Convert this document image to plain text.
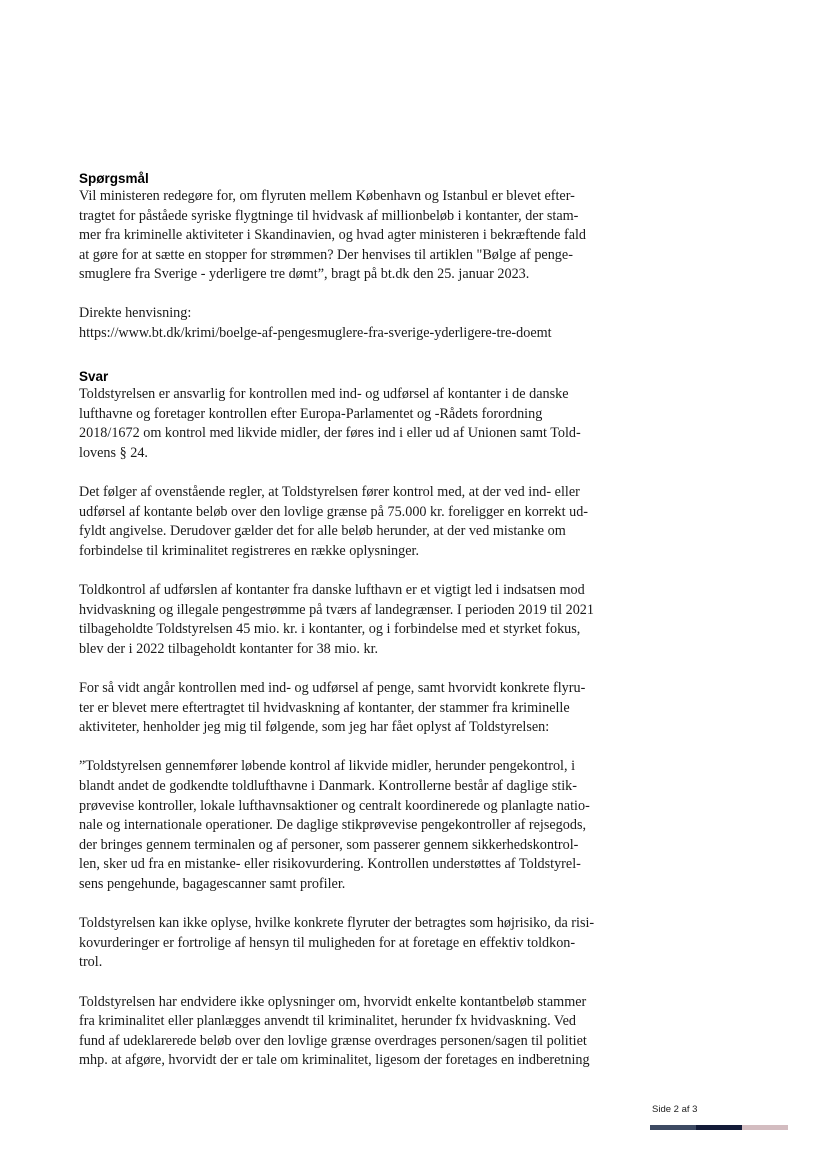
Spørgsmål

Vil ministeren redegøre for, om flyruten mellem København og Istanbul er blevet efter-
tragtet for påståede syriske flygtninge til hvidvask af millionbeløb i kontanter, der stam-
mer fra kriminelle aktiviteter i Skandinavien, og hvad agter ministeren i bekræftende fald
at gøre for at sætte en stopper for strømmen? Der henvises til artiklen "Bølge af penge-
smuglere fra Sverige - yderligere tre dømt”, bragt på bt.dk den 25. januar 2023.

Direkte henvisning:
https://www.bt.dk/krimi/boelge-af-pengesmuglere-fra-sverige-yderligere-tre-doemt

Svar

Toldstyrelsen er ansvarlig for kontrollen med ind- og udførsel af kontanter i de danske
lufthavne og foretager kontrollen efter Europa-Parlamentet og -Rådets forordning
2018/1672 om kontrol med likvide midler, der føres ind i eller ud af Unionen samt Told-
lovens § 24.

Det følger af ovenstående regler, at Toldstyrelsen fører kontrol med, at der ved ind- eller
udførsel af kontante beløb over den lovlige grænse på 75.000 kr. foreligger en korrekt ud-
fyldt angivelse. Derudover gælder det for alle beløb herunder, at der ved mistanke om
forbindelse til kriminalitet registreres en række oplysninger.

Toldkontrol af udførslen af kontanter fra danske lufthavn er et vigtigt led i indsatsen mod
hvidvaskning og illegale pengestrømme på tværs af landegrænser. I perioden 2019 til 2021
tilbageholdte Toldstyrelsen 45 mio. kr. i kontanter, og i forbindelse med et styrket fokus,
blev der i 2022 tilbageholdt kontanter for 38 mio. kr.

For så vidt angår kontrollen med ind- og udførsel af penge, samt hvorvidt konkrete flyru-
ter er blevet mere eftertragtet til hvidvaskning af kontanter, der stammer fra kriminelle
aktiviteter, henholder jeg mig til følgende, som jeg har fået oplyst af Toldstyrelsen:

”Toldstyrelsen gennemfører løbende kontrol af likvide midler, herunder pengekontrol, i
blandt andet de godkendte toldlufthavne i Danmark. Kontrollerne består af daglige stik-
prøvevise kontroller, lokale lufthavnsaktioner og centralt koordinerede og planlagte natio-
nale og internationale operationer. De daglige stikprøvevise pengekontroller af rejsegods,
der bringes gennem terminalen og af personer, som passerer gennem sikkerhedskontrol-
len, sker ud fra en mistanke- eller risikovurdering. Kontrollen understøttes af Toldstyrel-
sens pengehunde, bagagescanner samt profiler.

Toldstyrelsen kan ikke oplyse, hvilke konkrete flyruter der betragtes som højrisiko, da risi-
kovurderinger er fortrolige af hensyn til muligheden for at foretage en effektiv toldkon-
trol.

Toldstyrelsen har endvidere ikke oplysninger om, hvorvidt enkelte kontantbeløb stammer
fra kriminalitet eller planlægges anvendt til kriminalitet, herunder fx hvidvaskning. Ved
fund af udeklarerede beløb over den lovlige grænse overdrages personen/sagen til politiet
mhp. at afgøre, hvorvidt der er tale om kriminalitet, ligesom der foretages en indberetning

Side 2 af 3
